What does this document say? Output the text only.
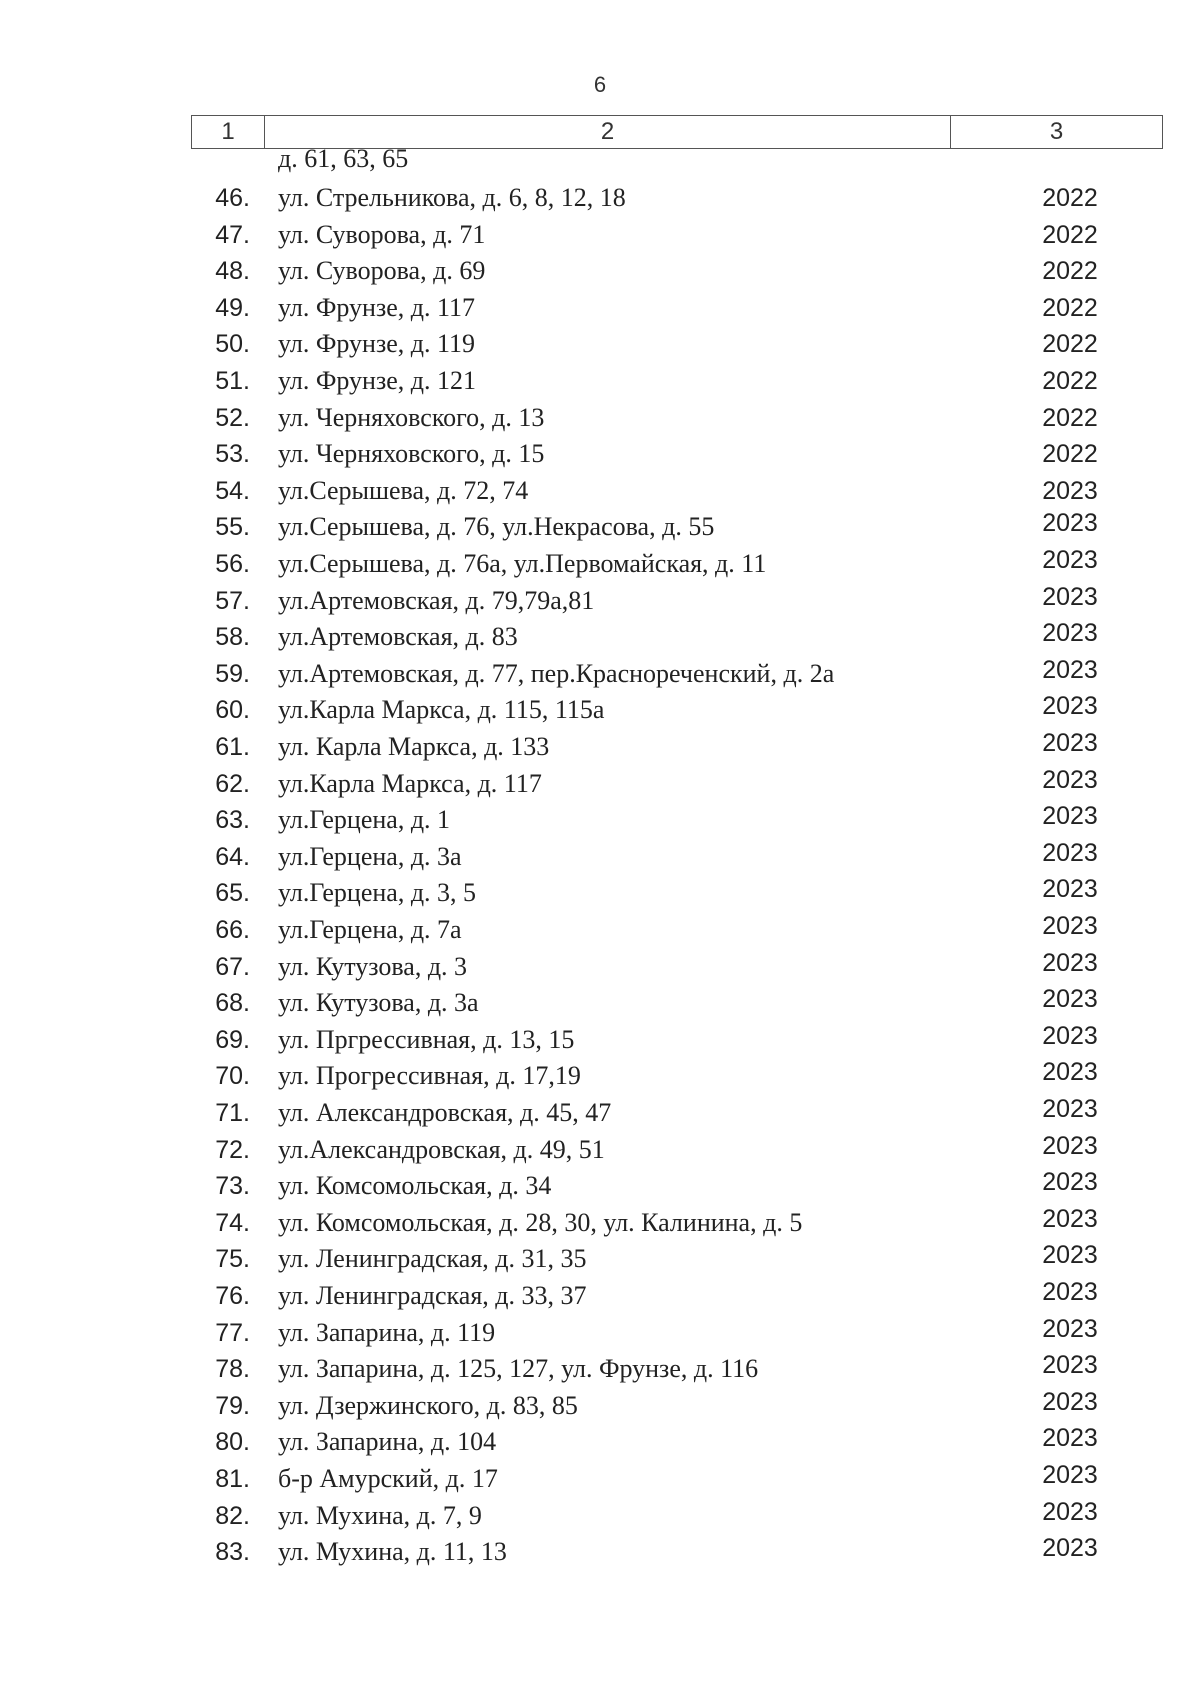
6
1	2	3
д. 61, 63, 65
46. ул. Стрельникова, д. 6, 8, 12, 18	2022
47. ул. Суворова, д. 71	2022
48. ул. Суворова, д. 69	2022
49. ул. Фрунзе, д. 117	2022
50. ул. Фрунзе, д. 119	2022
51. ул. Фрунзе, д. 121	2022
52. ул. Черняховского, д. 13	2022
53. ул. Черняховского, д. 15	2022
54. ул.Серышева, д. 72, 74	2023
55. ул.Серышева, д. 76, ул.Некрасова, д. 55	2023
56. ул.Серышева, д. 76а, ул.Первомайская, д. 11	2023
57. ул.Артемовская, д. 79,79а,81	2023
58. ул.Артемовская, д. 83	2023
59. ул.Артемовская, д. 77, пер.Краснореченский, д. 2а	2023
60. ул.Карла Маркса, д. 115, 115а	2023
61. ул. Карла Маркса, д. 133	2023
62. ул.Карла Маркса, д. 117	2023
63. ул.Герцена, д. 1	2023
64. ул.Герцена, д. 3а	2023
65. ул.Герцена, д. 3, 5	2023
66. ул.Герцена, д. 7а	2023
67. ул. Кутузова, д. 3	2023
68. ул. Кутузова, д. 3а	2023
69. ул. Пргрессивная, д. 13, 15	2023
70. ул. Прогрессивная, д. 17,19	2023
71. ул. Александровская, д. 45, 47	2023
72. ул.Александровская, д. 49, 51	2023
73. ул. Комсомольская, д. 34	2023
74. ул. Комсомольская, д. 28, 30, ул. Калинина, д. 5	2023
75. ул. Ленинградская, д. 31, 35	2023
76. ул. Ленинградская, д. 33, 37	2023
77. ул. Запарина, д. 119	2023
78. ул. Запарина, д. 125, 127, ул. Фрунзе, д. 116	2023
79. ул. Дзержинского, д. 83, 85	2023
80. ул. Запарина, д. 104	2023
81. б-р Амурский, д. 17	2023
82. ул. Мухина, д. 7, 9	2023
83. ул. Мухина, д. 11, 13	2023
